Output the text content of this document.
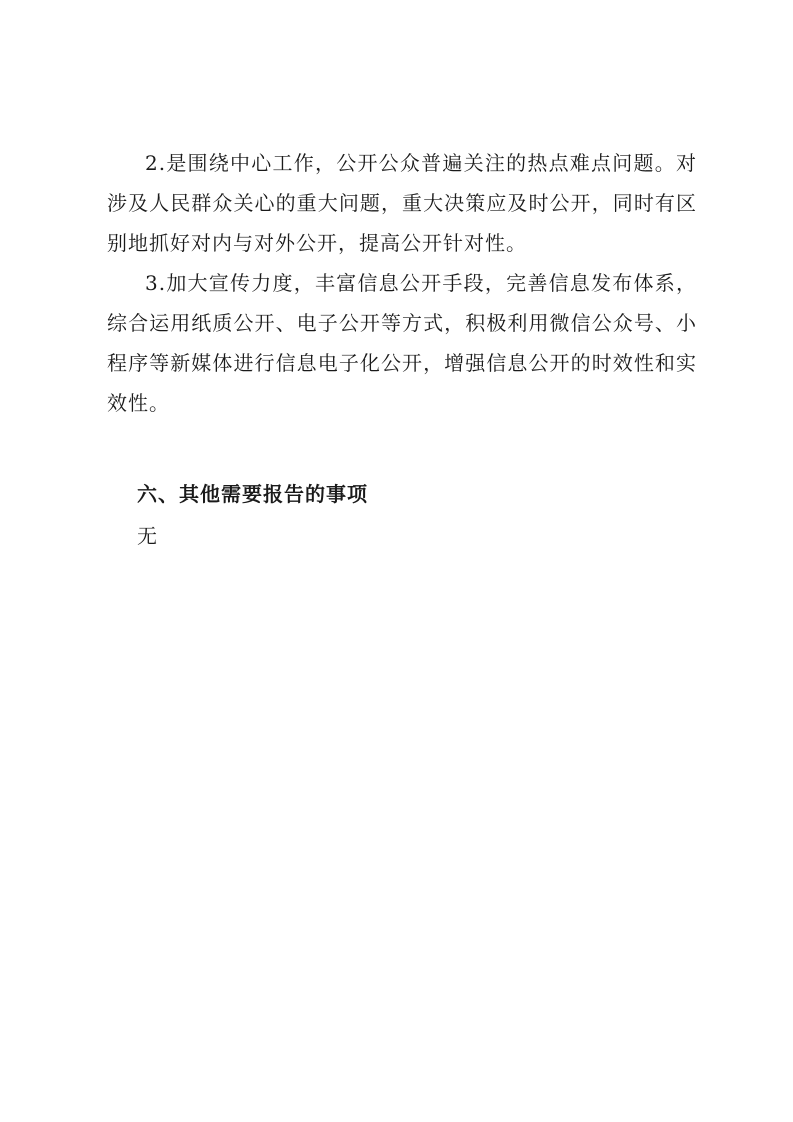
2.是围绕中心工作，公开公众普遍关注的热点难点问题。对涉及人民群众关心的重大问题，重大决策应及时公开，同时有区别地抓好对内与对外公开，提高公开针对性。

3.加大宣传力度，丰富信息公开手段，完善信息发布体系，综合运用纸质公开、电子公开等方式，积极利用微信公众号、小程序等新媒体进行信息电子化公开，增强信息公开的时效性和实效性。

六、其他需要报告的事项

无
